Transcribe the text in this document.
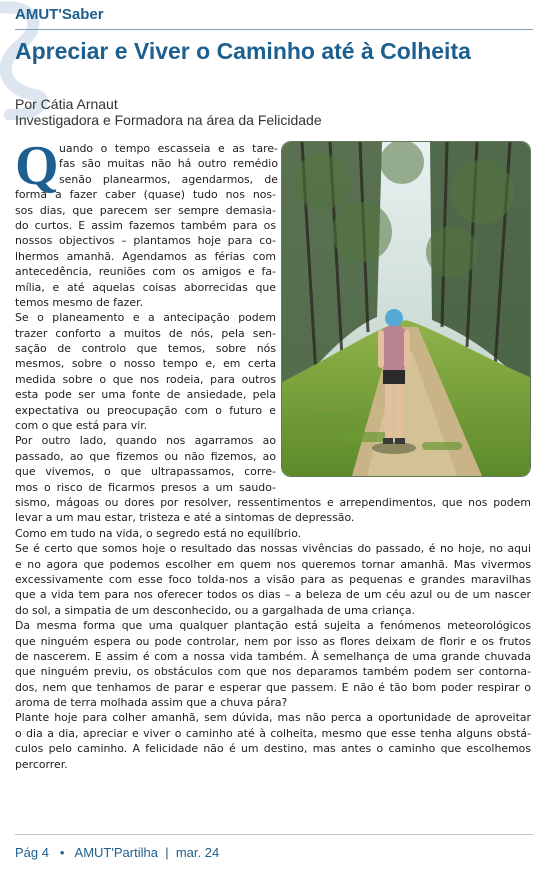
AMUT'Saber
Apreciar e Viver o Caminho até à Colheita
Por Cátia Arnaut
Investigadora e Formadora na área da Felicidade
Q uando o tempo escasseia e as tare-
fas são muitas não há outro remédio
senão planearmos, agendarmos, de
forma a fazer caber (quase) tudo nos nos-
sos dias, que parecem ser sempre demasia-
do curtos. E assim fazemos também para os
nossos objectivos – plantamos hoje para co-
lhermos amanhã. Agendamos as férias com
antecedência, reuniões com os amigos e fa-
mília, e até aquelas coisas aborrecidas que
temos mesmo de fazer.
Se o planeamento e a antecipação podem
trazer conforto a muitos de nós, pela sen-
sação de controlo que temos, sobre nós
mesmos, sobre o nosso tempo e, em certa
medida sobre o que nos rodeia, para outros
esta pode ser uma fonte de ansiedade, pela
expectativa ou preocupação com o futuro e
com o que está para vir.
Por outro lado, quando nos agarramos ao
passado, ao que fizemos ou não fizemos, ao
que vivemos, o que ultrapassamos, corre-
mos o risco de ficarmos presos a um saudo-
sismo, mágoas ou dores por resolver, ressentimentos e arrependimentos, que nos podem
levar a um mau estar, tristeza e até a sintomas de depressão.
Como em tudo na vida, o segredo está no equilíbrio.
Se é certo que somos hoje o resultado das nossas vivências do passado, é no hoje, no aqui
e no agora que podemos escolher em quem nos queremos tornar amanhã. Mas vivermos
excessivamente com esse foco tolda-nos a visão para as pequenas e grandes maravilhas
que a vida tem para nos oferecer todos os dias – a beleza de um céu azul ou de um nascer
do sol, a simpatia de um desconhecido, ou a gargalhada de uma criança.
Da mesma forma que uma qualquer plantação está sujeita a fenómenos meteorológicos
que ninguém espera ou pode controlar, nem por isso as flores deixam de florir e os frutos
de nascerem. E assim é com a nossa vida também. À semelhança de uma grande chuvada
que ninguém previu, os obstáculos com que nos deparamos também podem ser contorna-
dos, nem que tenhamos de parar e esperar que passem. E não é tão bom poder respirar o
aroma de terra molhada assim que a chuva pára?
Plante hoje para colher amanhã, sem dúvida, mas não perca a oportunidade de aproveitar
o dia a dia, apreciar e viver o caminho até à colheita, mesmo que esse tenha alguns obstá-
culos pelo caminho. A felicidade não é um destino, mas antes o caminho que escolhemos
percorrer.
Pág 4 • AMUT'Partilha | mar. 24
